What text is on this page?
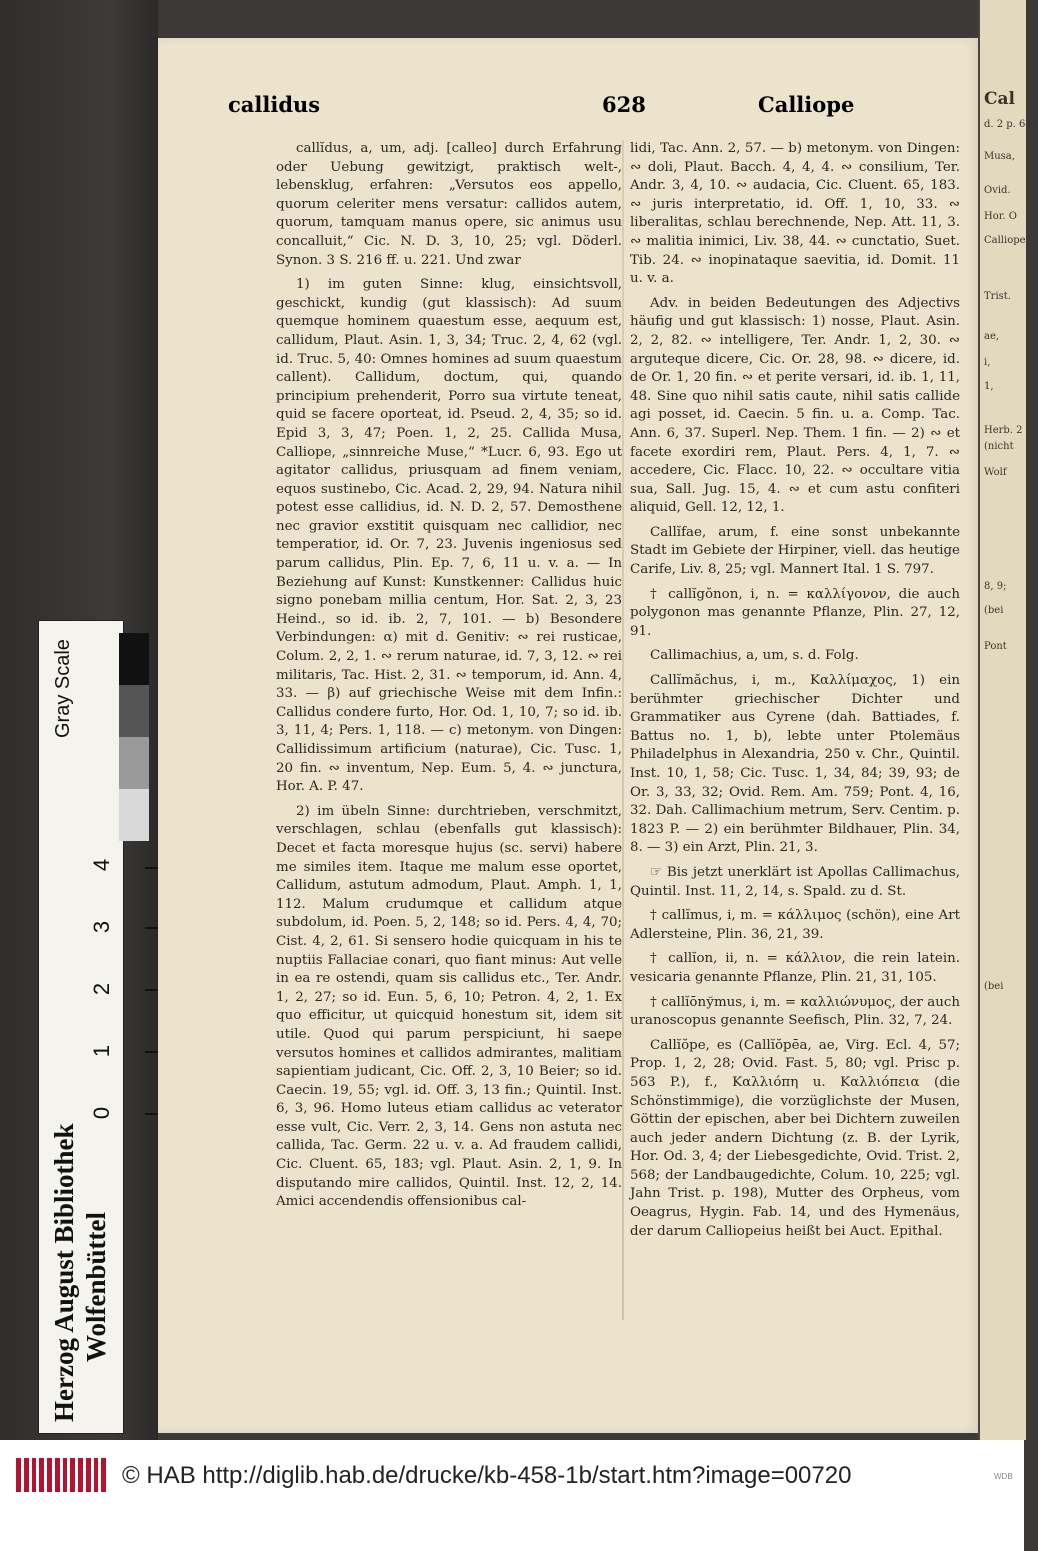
Gray Scale
4
3
2
1
0
Herzog August Bibliothek Wolfenbüttel
callidus	628	Calliope

callĭdus, a, um, adj. [calleo] durch Erfahrung oder Uebung gewitzigt, praktisch welt-, lebensklug, erfahren: „Versutos eos appello, quorum celeriter mens versatur: callidos autem, quorum, tamquam manus opere, sic animus usu concalluit,“ Cic. N. D. 3, 10, 25; vgl. Döderl. Synon. 3 S. 216 ff. u. 221. Und zwar

1) im guten Sinne: klug, einsichtsvoll, geschickt, kundig (gut klassisch): Ad suum quemque hominem quaestum esse, aequum est, callidum, Plaut. Asin. 1, 3, 34; Truc. 2, 4, 62 (vgl. id. Truc. 5, 40: Omnes homines ad suum quaestum callent). Callidum, doctum, qui, quando principium prehenderit, Porro sua virtute teneat, quid se facere oporteat, id. Pseud. 2, 4, 35; so id. Epid 3, 3, 47; Poen. 1, 2, 25. Callida Musa, Calliope, „sinnreiche Muse,“ *Lucr. 6, 93. Ego ut agitator callidus, priusquam ad finem veniam, equos sustinebo, Cic. Acad. 2, 29, 94. Natura nihil potest esse callidius, id. N. D. 2, 57. Demosthene nec gravior exstitit quisquam nec callidior, nec temperatior, id. Or. 7, 23. Juvenis ingeniosus sed parum callidus, Plin. Ep. 7, 6, 11 u. v. a. — In Beziehung auf Kunst: Kunstkenner: Callidus huic signo ponebam millia centum, Hor. Sat. 2, 3, 23 Heind., so id. ib. 2, 7, 101. — b) Besondere Verbindungen: α) mit d. Genitiv: ∾ rei rusticae, Colum. 2, 2, 1. ∾ rerum naturae, id. 7, 3, 12. ∾ rei militaris, Tac. Hist. 2, 31. ∾ temporum, id. Ann. 4, 33. — β) auf griechische Weise mit dem Infin.: Callidus condere furto, Hor. Od. 1, 10, 7; so id. ib. 3, 11, 4; Pers. 1, 118. — c) metonym. von Dingen: Callidissimum artificium (naturae), Cic. Tusc. 1, 20 fin. ∾ inventum, Nep. Eum. 5, 4. ∾ junctura, Hor. A. P. 47.

2) im übeln Sinne: durchtrieben, verschmitzt, verschlagen, schlau (ebenfalls gut klassisch): Decet et facta moresque hujus (sc. servi) habere me similes item. Itaque me malum esse oportet, Callidum, astutum admodum, Plaut. Amph. 1, 1, 112. Malum crudumque et callidum atque subdolum, id. Poen. 5, 2, 148; so id. Pers. 4, 4, 70; Cist. 4, 2, 61. Si sensero hodie quicquam in his te nuptiis Fallaciae conari, quo fiant minus: Aut velle in ea re ostendi, quam sis callidus etc., Ter. Andr. 1, 2, 27; so id. Eun. 5, 6, 10; Petron. 4, 2, 1. Ex quo efficitur, ut quicquid honestum sit, idem sit utile. Quod qui parum perspiciunt, hi saepe versutos homines et callidos admirantes, malitiam sapientiam judicant, Cic. Off. 2, 3, 10 Beier; so id. Caecin. 19, 55; vgl. id. Off. 3, 13 fin.; Quintil. Inst. 6, 3, 96. Homo luteus etiam callidus ac veterator esse vult, Cic. Verr. 2, 3, 14. Gens non astuta nec callida, Tac. Germ. 22 u. v. a. Ad fraudem callidi, Cic. Cluent. 65, 183; vgl. Plaut. Asin. 2, 1, 9. In disputando mire callidos, Quintil. Inst. 12, 2, 14. Amici accendendis offensionibus cal-

lidi, Tac. Ann. 2, 57. — b) metonym. von Dingen: ∾ doli, Plaut. Bacch. 4, 4, 4. ∾ consilium, Ter. Andr. 3, 4, 10. ∾ audacia, Cic. Cluent. 65, 183. ∾ juris interpretatio, id. Off. 1, 10, 33. ∾ liberalitas, schlau berechnende, Nep. Att. 11, 3. ∾ malitia inimici, Liv. 38, 44. ∾ cunctatio, Suet. Tib. 24. ∾ inopinataque saevitia, id. Domit. 11 u. v. a.

Adv. in beiden Bedeutungen des Adjectivs häufig und gut klassisch: 1) nosse, Plaut. Asin. 2, 2, 82. ∾ intelligere, Ter. Andr. 1, 2, 30. ∾ arguteque dicere, Cic. Or. 28, 98. ∾ dicere, id. de Or. 1, 20 fin. ∾ et perite versari, id. ib. 1, 11, 48. Sine quo nihil satis caute, nihil satis callide agi posset, id. Caecin. 5 fin. u. a. Comp. Tac. Ann. 6, 37. Superl. Nep. Them. 1 fin. — 2) ∾ et facete exordiri rem, Plaut. Pers. 4, 1, 7. ∾ accedere, Cic. Flacc. 10, 22. ∾ occultare vitia sua, Sall. Jug. 15, 4. ∾ et cum astu confiteri aliquid, Gell. 12, 12, 1.

Callĭfae, arum, f. eine sonst unbekannte Stadt im Gebiete der Hirpiner, viell. das heutige Carife, Liv. 8, 25; vgl. Mannert Ital. 1 S. 797.

† callĭgŏnon, i, n. = καλλίγονον, die auch polygonon mas genannte Pflanze, Plin. 27, 12, 91.

Callimachius, a, um, s. d. Folg.

Callĭmăchus, i, m., Καλλίμαχος, 1) ein berühmter griechischer Dichter und Grammatiker aus Cyrene (dah. Battiades, f. Battus no. 1, b), lebte unter Ptolemäus Philadelphus in Alexandria, 250 v. Chr., Quintil. Inst. 10, 1, 58; Cic. Tusc. 1, 34, 84; 39, 93; de Or. 3, 33, 32; Ovid. Rem. Am. 759; Pont. 4, 16, 32. Dah. Callimachium metrum, Serv. Centim. p. 1823 P. — 2) ein berühmter Bildhauer, Plin. 34, 8. — 3) ein Arzt, Plin. 21, 3.

☞ Bis jetzt unerklärt ist Apollas Callimachus, Quintil. Inst. 11, 2, 14, s. Spald. zu d. St.

† callĭmus, i, m. = κάλλιμος (schön), eine Art Adlersteine, Plin. 36, 21, 39.

† callĭon, ii, n. = κάλλιον, die rein latein. vesicaria genannte Pflanze, Plin. 21, 31, 105.

† callĭōnўmus, i, m. = καλλιώνυμος, der auch uranoscopus genannte Seefisch, Plin. 32, 7, 24.

Callĭŏpe, es (Callĭŏpēa, ae, Virg. Ecl. 4, 57; Prop. 1, 2, 28; Ovid. Fast. 5, 80; vgl. Prisc p. 563 P.), f., Καλλιόπη u. Καλλιόπεια (die Schönstimmige), die vorzüglichste der Musen, Göttin der epischen, aber bei Dichtern zuweilen auch jeder andern Dichtung (z. B. der Lyrik, Hor. Od. 3, 4; der Liebesgedichte, Ovid. Trist. 2, 568; der Landbaugedichte, Colum. 10, 225; vgl. Jahn Trist. p. 198), Mutter des Orpheus, vom Oeagrus, Hygin. Fab. 14, und des Hymenäus, der darum Calliopeius heißt bei Auct. Epithal.

Cal
d. 2 p. 641
Musa,
Ovid.
Hor. O
Calliope
Trist.
ae,
i,
1,
Herb. 2
(nicht
Wolf
8, 9;
(bei
Pont
(bei
© HAB http://diglib.hab.de/drucke/kb-458-1b/start.htm?image=00720	WDB
